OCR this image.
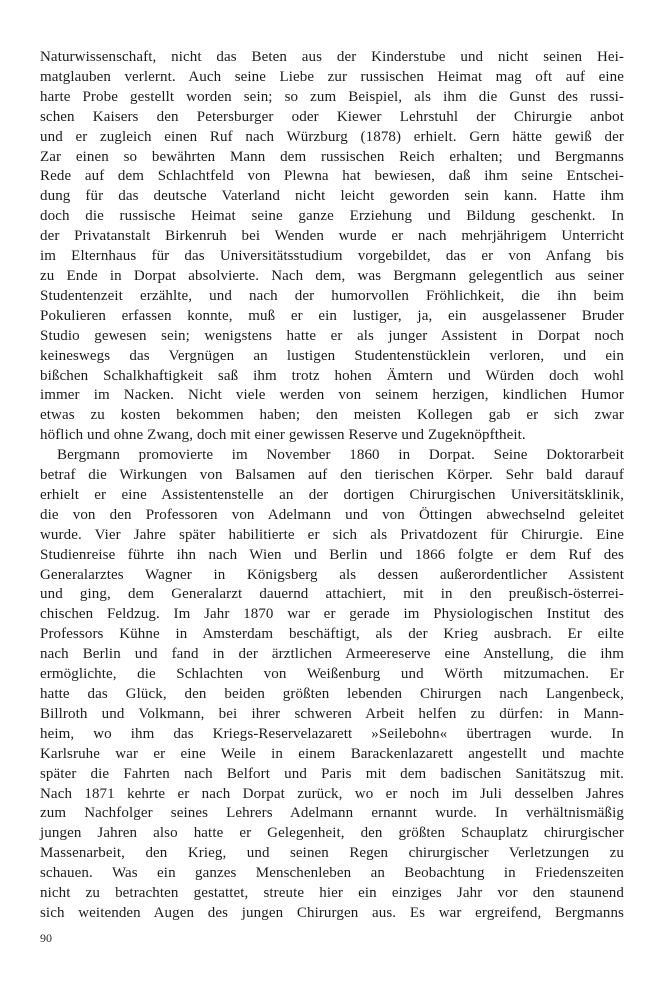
Naturwissenschaft, nicht das Beten aus der Kinderstube und nicht seinen Hei-
matglauben verlernt. Auch seine Liebe zur russischen Heimat mag oft auf eine
harte Probe gestellt worden sein; so zum Beispiel, als ihm die Gunst des russi-
schen Kaisers den Petersburger oder Kiewer Lehrstuhl der Chirurgie anbot
und er zugleich einen Ruf nach Würzburg (1878) erhielt. Gern hätte gewiß der
Zar einen so bewährten Mann dem russischen Reich erhalten; und Bergmanns
Rede auf dem Schlachtfeld von Plewna hat bewiesen, daß ihm seine Entschei-
dung für das deutsche Vaterland nicht leicht geworden sein kann. Hatte ihm
doch die russische Heimat seine ganze Erziehung und Bildung geschenkt. In
der Privatanstalt Birkenruh bei Wenden wurde er nach mehrjährigem Unterricht
im Elternhaus für das Universitätsstudium vorgebildet, das er von Anfang bis
zu Ende in Dorpat absolvierte. Nach dem, was Bergmann gelegentlich aus seiner
Studentenzeit erzählte, und nach der humorvollen Fröhlichkeit, die ihn beim
Pokulieren erfassen konnte, muß er ein lustiger, ja, ein ausgelassener Bruder
Studio gewesen sein; wenigstens hatte er als junger Assistent in Dorpat noch
keineswegs das Vergnügen an lustigen Studentenstücklein verloren, und ein
bißchen Schalkhaftigkeit saß ihm trotz hohen Ämtern und Würden doch wohl
immer im Nacken. Nicht viele werden von seinem herzigen, kindlichen Humor
etwas zu kosten bekommen haben; den meisten Kollegen gab er sich zwar
höflich und ohne Zwang, doch mit einer gewissen Reserve und Zugeknöpftheit.
Bergmann promovierte im November 1860 in Dorpat. Seine Doktorarbeit
betraf die Wirkungen von Balsamen auf den tierischen Körper. Sehr bald darauf
erhielt er eine Assistentenstelle an der dortigen Chirurgischen Universitätsklinik,
die von den Professoren von Adelmann und von Öttingen abwechselnd geleitet
wurde. Vier Jahre später habilitierte er sich als Privatdozent für Chirurgie. Eine
Studienreise führte ihn nach Wien und Berlin und 1866 folgte er dem Ruf des
Generalarztes Wagner in Königsberg als dessen außerordentlicher Assistent
und ging, dem Generalarzt dauernd attachiert, mit in den preußisch-österrei-
chischen Feldzug. Im Jahr 1870 war er gerade im Physiologischen Institut des
Professors Kühne in Amsterdam beschäftigt, als der Krieg ausbrach. Er eilte
nach Berlin und fand in der ärztlichen Armeereserve eine Anstellung, die ihm
ermöglichte, die Schlachten von Weißenburg und Wörth mitzumachen. Er
hatte das Glück, den beiden größten lebenden Chirurgen nach Langenbeck,
Billroth und Volkmann, bei ihrer schweren Arbeit helfen zu dürfen: in Mann-
heim, wo ihm das Kriegs-Reservelazarett »Seilebohn« übertragen wurde. In
Karlsruhe war er eine Weile in einem Barackenlazarett angestellt und machte
später die Fahrten nach Belfort und Paris mit dem badischen Sanitätszug mit.
Nach 1871 kehrte er nach Dorpat zurück, wo er noch im Juli desselben Jahres
zum Nachfolger seines Lehrers Adelmann ernannt wurde. In verhältnismäßig
jungen Jahren also hatte er Gelegenheit, den größten Schauplatz chirurgischer
Massenarbeit, den Krieg, und seinen Regen chirurgischer Verletzungen zu
schauen. Was ein ganzes Menschenleben an Beobachtung in Friedenszeiten
nicht zu betrachten gestattet, streute hier ein einziges Jahr vor den staunend
sich weitenden Augen des jungen Chirurgen aus. Es war ergreifend, Bergmanns
90
